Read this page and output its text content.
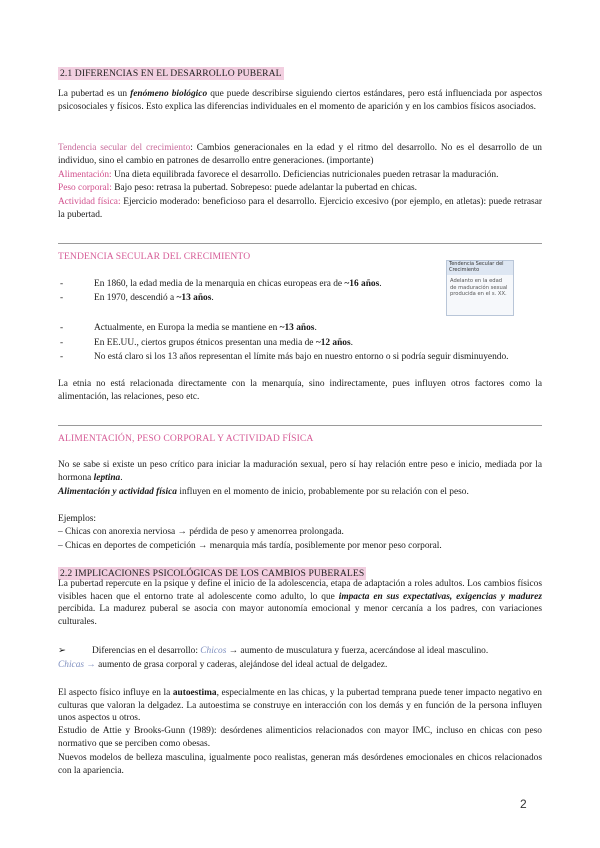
2.1 DIFERENCIAS EN EL DESARROLLO PUBERAL
La pubertad es un fenómeno biológico que puede describirse siguiendo ciertos estándares, pero está influenciada por aspectos psicosociales y físicos. Esto explica las diferencias individuales en el momento de aparición y en los cambios físicos asociados.
Tendencia secular del crecimiento: Cambios generacionales en la edad y el ritmo del desarrollo. No es el desarrollo de un individuo, sino el cambio en patrones de desarrollo entre generaciones. (importante)
Alimentación: Una dieta equilibrada favorece el desarrollo. Deficiencias nutricionales pueden retrasar la maduración.
Peso corporal: Bajo peso: retrasa la pubertad. Sobrepeso: puede adelantar la pubertad en chicas.
Actividad física: Ejercicio moderado: beneficioso para el desarrollo. Ejercicio excesivo (por ejemplo, en atletas): puede retrasar la pubertad.
TENDENCIA SECULAR DEL CRECIMIENTO
-	En 1860, la edad media de la menarquia en chicas europeas era de ~16 años.
-	En 1970, descendió a ~13 años.
-	Actualmente, en Europa la media se mantiene en ~13 años.
-	En EE.UU., ciertos grupos étnicos presentan una media de ~12 años.
-	No está claro si los 13 años representan el límite más bajo en nuestro entorno o si podría seguir disminuyendo.
Tendencia Secular del Crecimiento
Adelanto en la edad de maduración sexual producida en el s. XX.
La etnia no está relacionada directamente con la menarquía, sino indirectamente, pues influyen otros factores como la alimentación, las relaciones, peso etc.
ALIMENTACIÓN, PESO CORPORAL Y ACTIVIDAD FÍSICA
No se sabe si existe un peso crítico para iniciar la maduración sexual, pero sí hay relación entre peso e inicio, mediada por la hormona leptina.
Alimentación y actividad física influyen en el momento de inicio, probablemente por su relación con el peso.
Ejemplos:
– Chicas con anorexia nerviosa → pérdida de peso y amenorrea prolongada.
– Chicas en deportes de competición → menarquia más tardía, posiblemente por menor peso corporal.
2.2 IMPLICACIONES PSICOLÓGICAS DE LOS CAMBIOS PUBERALES
La pubertad repercute en la psique y define el inicio de la adolescencia, etapa de adaptación a roles adultos. Los cambios físicos visibles hacen que el entorno trate al adolescente como adulto, lo que impacta en sus expectativas, exigencias y madurez percibida. La madurez puberal se asocia con mayor autonomía emocional y menor cercanía a los padres, con variaciones culturales.
➢	Diferencias en el desarrollo: Chicos → aumento de musculatura y fuerza, acercándose al ideal masculino.
Chicas → aumento de grasa corporal y caderas, alejándose del ideal actual de delgadez.
El aspecto físico influye en la autoestima, especialmente en las chicas, y la pubertad temprana puede tener impacto negativo en culturas que valoran la delgadez. La autoestima se construye en interacción con los demás y en función de la persona influyen unos aspectos u otros.
Estudio de Attie y Brooks-Gunn (1989): desórdenes alimenticios relacionados con mayor IMC, incluso en chicas con peso normativo que se perciben como obesas.
Nuevos modelos de belleza masculina, igualmente poco realistas, generan más desórdenes emocionales en chicos relacionados con la apariencia.
2
